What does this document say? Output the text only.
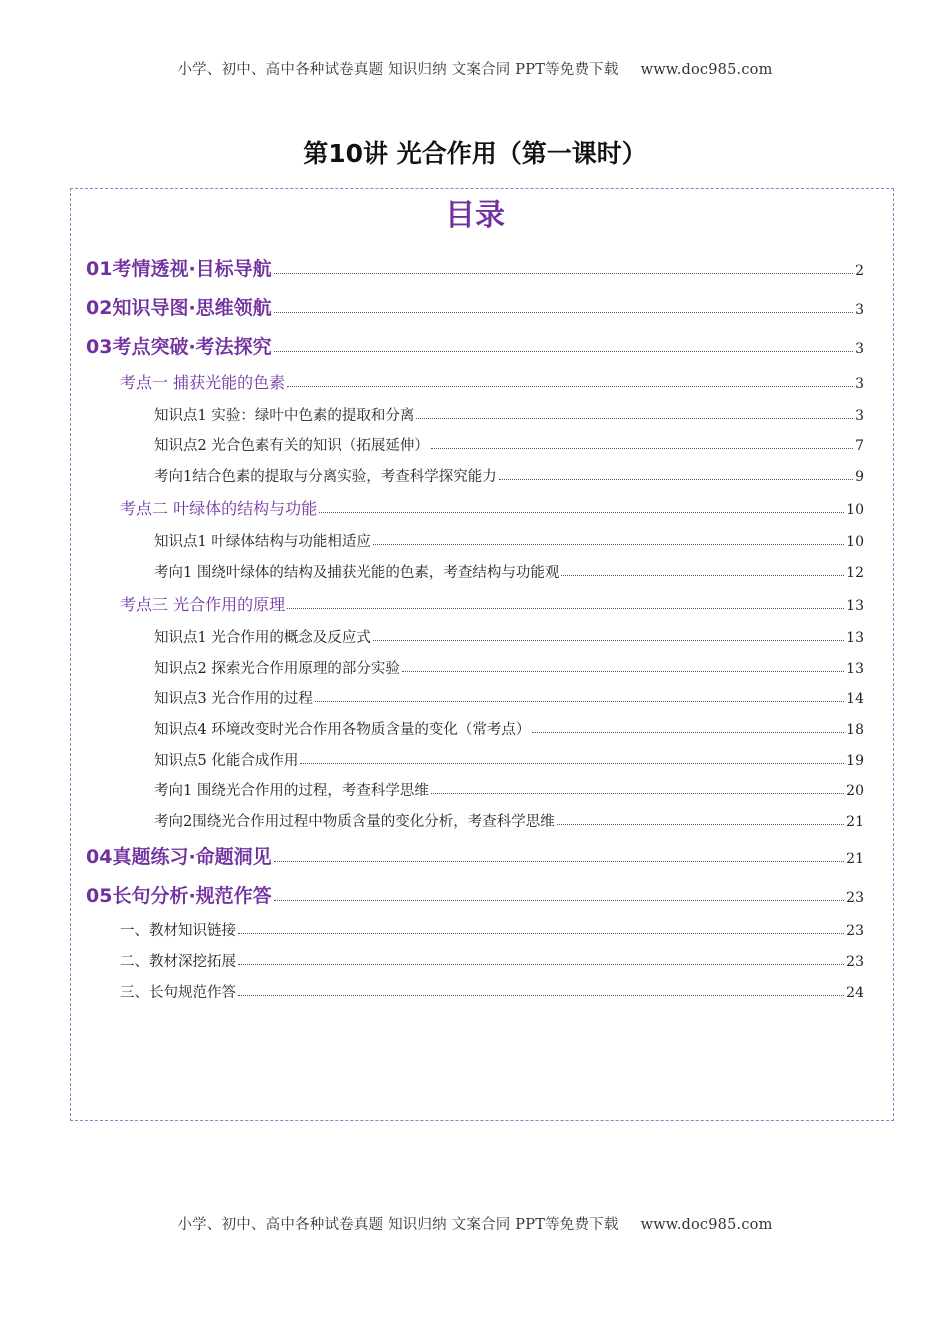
小学、初中、高中各种试卷真题 知识归纳 文案合同 PPT等免费下载 www.doc985.com
第10讲 光合作用（第一课时）
目录
01考情透视·目标导航	2
02知识导图·思维领航	3
03考点突破·考法探究	3
考点一 捕获光能的色素	3
知识点1 实验：绿叶中色素的提取和分离	3
知识点2 光合色素有关的知识（拓展延伸）	7
考向1结合色素的提取与分离实验，考查科学探究能力	9
考点二 叶绿体的结构与功能	10
知识点1 叶绿体结构与功能相适应	10
考向1 围绕叶绿体的结构及捕获光能的色素，考查结构与功能观	12
考点三 光合作用的原理	13
知识点1 光合作用的概念及反应式	13
知识点2 探索光合作用原理的部分实验	13
知识点3 光合作用的过程	14
知识点4 环境改变时光合作用各物质含量的变化（常考点）	18
知识点5 化能合成作用	19
考向1 围绕光合作用的过程，考查科学思维	20
考向2围绕光合作用过程中物质含量的变化分析，考查科学思维	21
04真题练习·命题洞见	21
05长句分析·规范作答	23
一、教材知识链接	23
二、教材深挖拓展	23
三、长句规范作答	24
小学、初中、高中各种试卷真题 知识归纳 文案合同 PPT等免费下载 www.doc985.com
